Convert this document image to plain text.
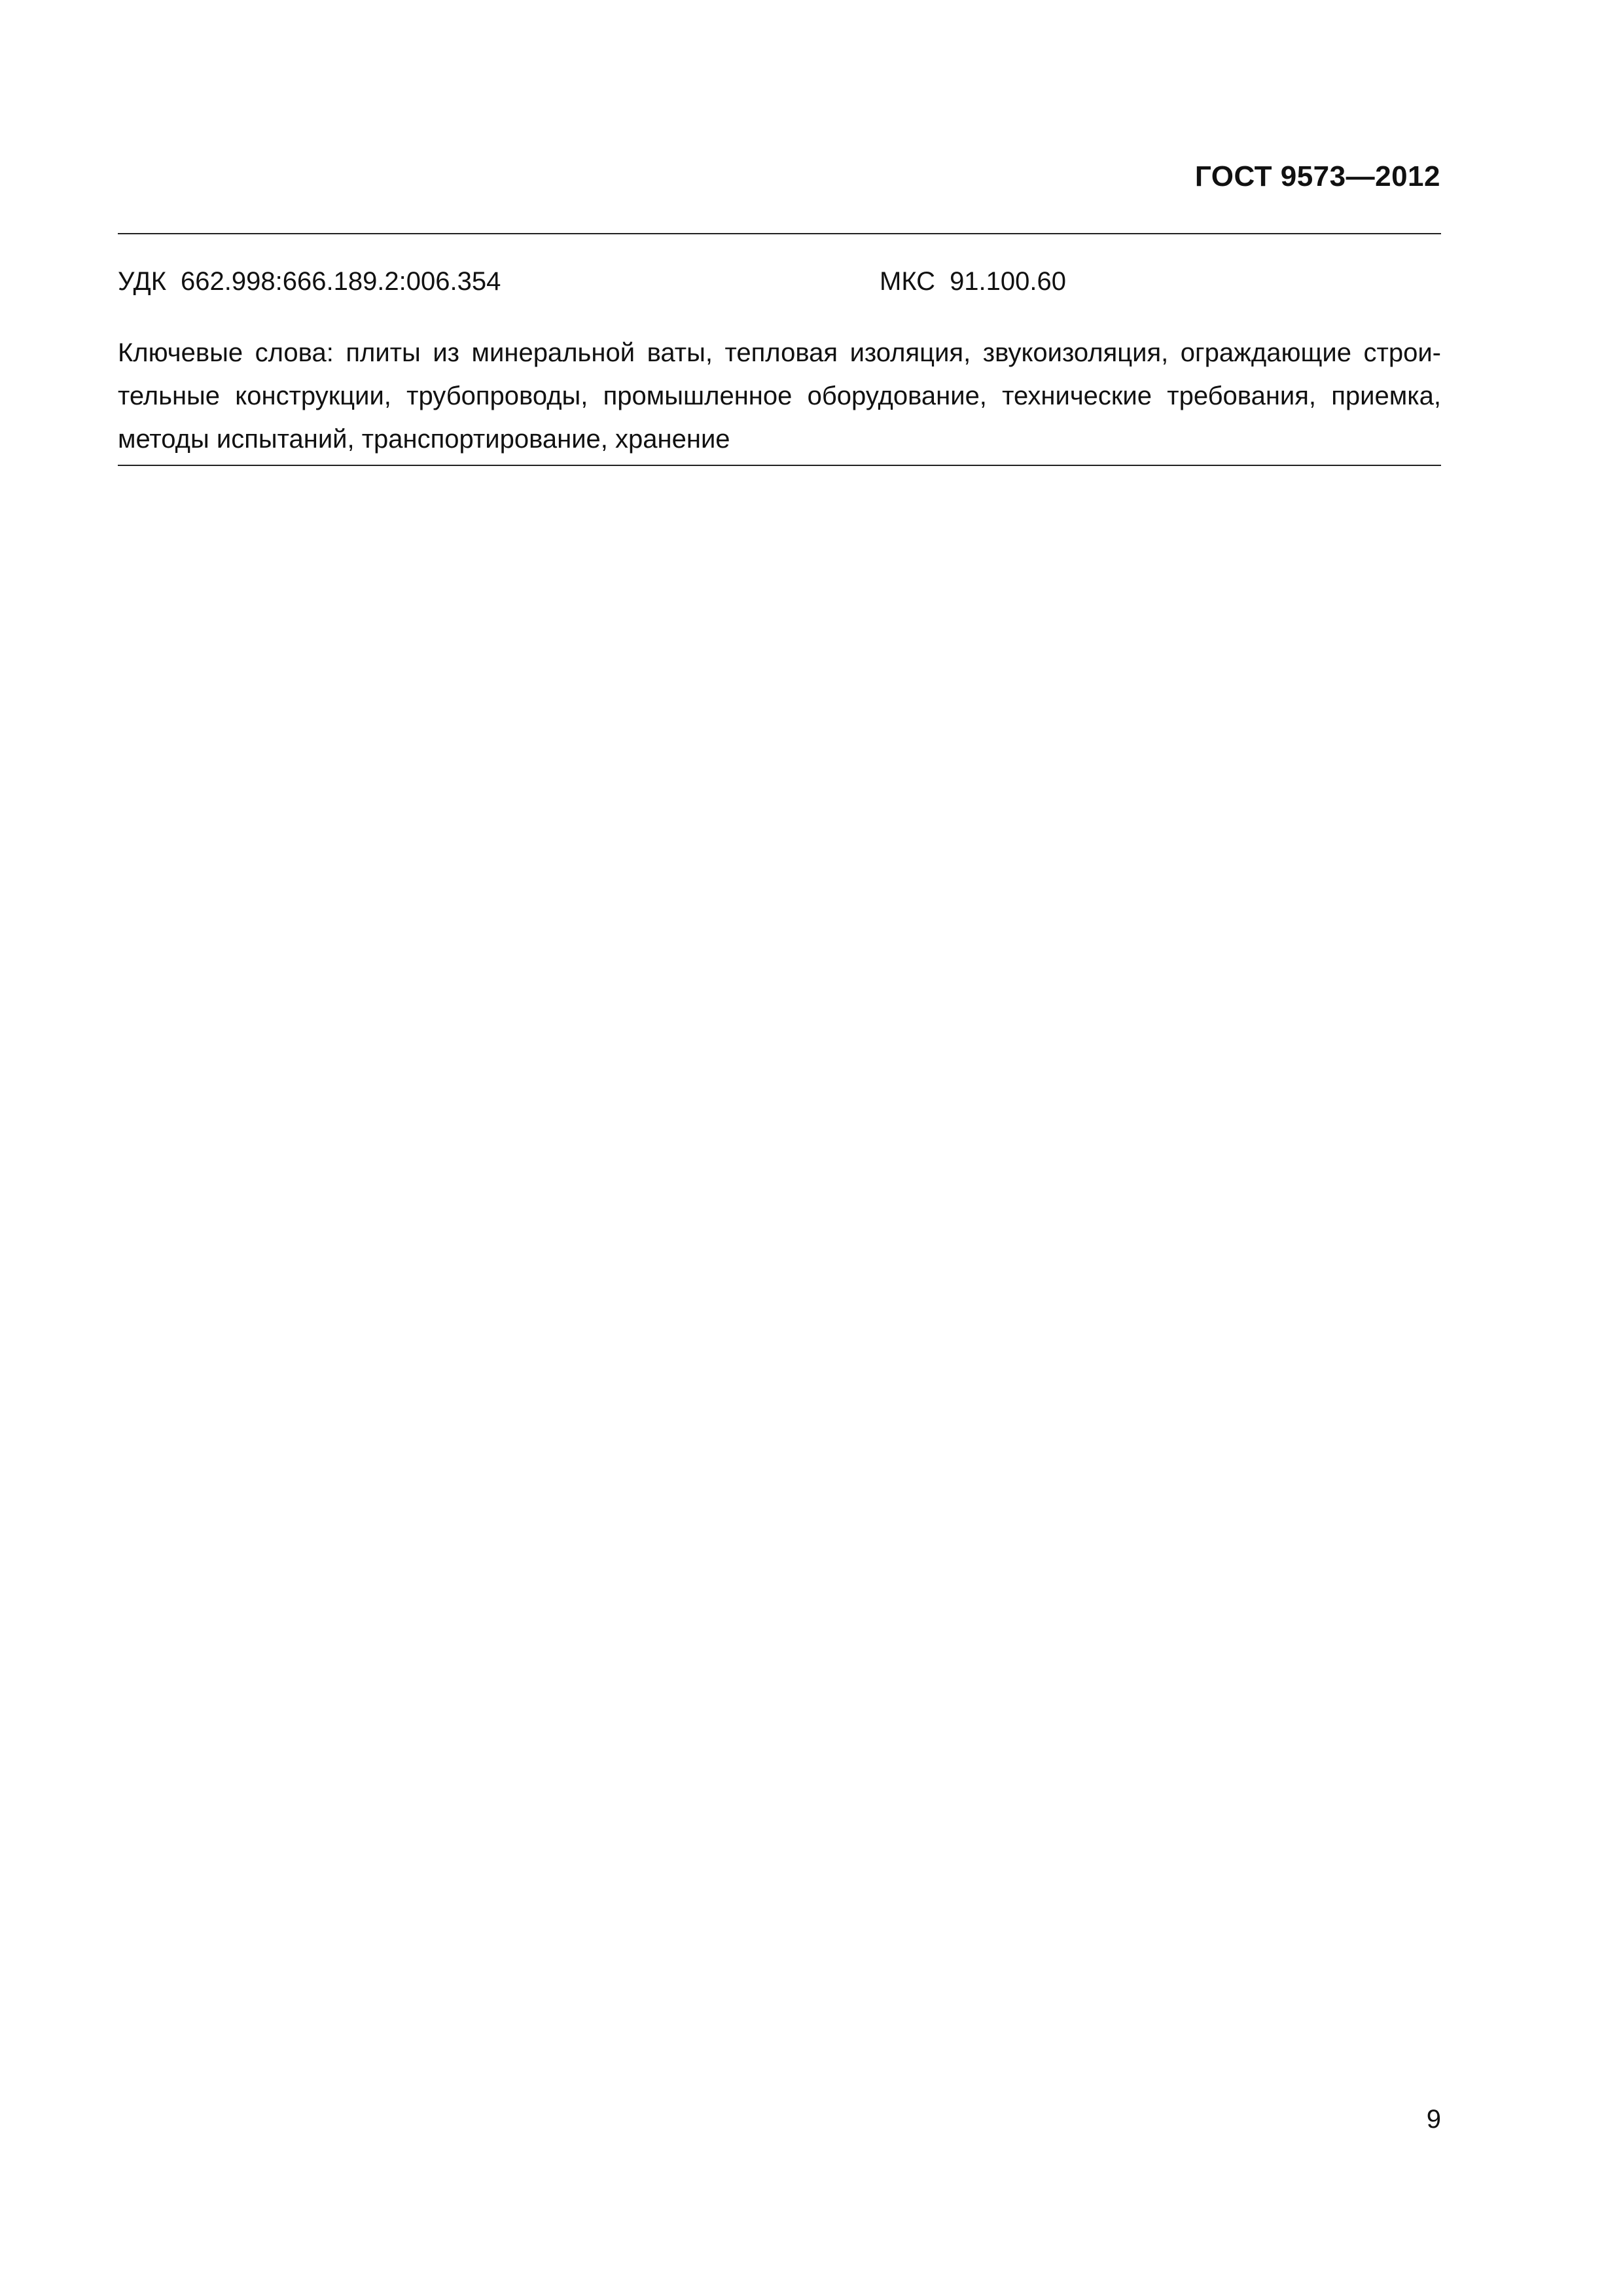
ГОСТ 9573—2012
УДК 662.998:666.189.2:006.354	МКС 91.100.60
Ключевые слова: плиты из минеральной ваты, тепловая изоляция, звукоизоляция, ограждающие строи-
тельные конструкции, трубопроводы, промышленное оборудование, технические требования, приемка,
методы испытаний, транспортирование, хранение
9
